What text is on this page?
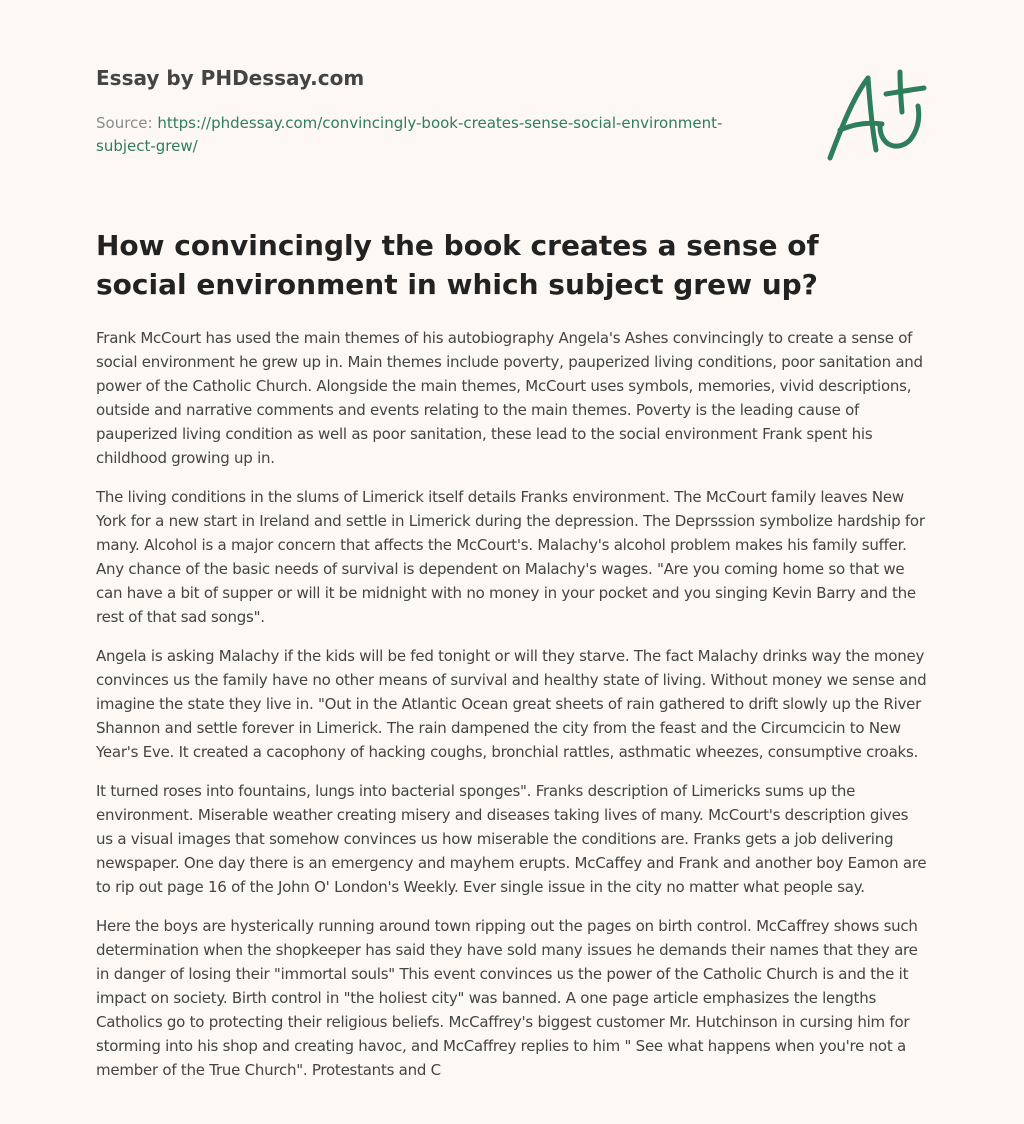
Essay by PHDessay.com
Source: https://phdessay.com/convincingly-book-creates-sense-social-environment-subject-grew/
How convincingly the book creates a sense of social environment in which subject grew up?

Frank McCourt has used the main themes of his autobiography Angela's Ashes convincingly to create a sense of social environment he grew up in. Main themes include poverty, pauperized living conditions, poor sanitation and power of the Catholic Church. Alongside the main themes, McCourt uses symbols, memories, vivid descriptions, outside and narrative comments and events relating to the main themes. Poverty is the leading cause of pauperized living condition as well as poor sanitation, these lead to the social environment Frank spent his childhood growing up in.

The living conditions in the slums of Limerick itself details Franks environment. The McCourt family leaves New York for a new start in Ireland and settle in Limerick during the depression. The Deprsssion symbolize hardship for many. Alcohol is a major concern that affects the McCourt's. Malachy's alcohol problem makes his family suffer. Any chance of the basic needs of survival is dependent on Malachy's wages. "Are you coming home so that we can have a bit of supper or will it be midnight with no money in your pocket and you singing Kevin Barry and the rest of that sad songs".

Angela is asking Malachy if the kids will be fed tonight or will they starve. The fact Malachy drinks way the money convinces us the family have no other means of survival and healthy state of living. Without money we sense and imagine the state they live in. "Out in the Atlantic Ocean great sheets of rain gathered to drift slowly up the River Shannon and settle forever in Limerick. The rain dampened the city from the feast and the Circumcicin to New Year's Eve. It created a cacophony of hacking coughs, bronchial rattles, asthmatic wheezes, consumptive croaks.

It turned roses into fountains, lungs into bacterial sponges". Franks description of Limericks sums up the environment. Miserable weather creating misery and diseases taking lives of many. McCourt's description gives us a visual images that somehow convinces us how miserable the conditions are. Franks gets a job delivering newspaper. One day there is an emergency and mayhem erupts. McCaffey and Frank and another boy Eamon are to rip out page 16 of the John O' London's Weekly. Ever single issue in the city no matter what people say.

Here the boys are hysterically running around town ripping out the pages on birth control. McCaffrey shows such determination when the shopkeeper has said they have sold many issues he demands their names that they are in danger of losing their "immortal souls" This event convinces us the power of the Catholic Church is and the it impact on society. Birth control in "the holiest city" was banned. A one page article emphasizes the lengths Catholics go to protecting their religious beliefs. McCaffrey's biggest customer Mr. Hutchinson in cursing him for storming into his shop and creating havoc, and McCaffrey replies to him " See what happens when you're not a member of the True Church". Protestants and C
